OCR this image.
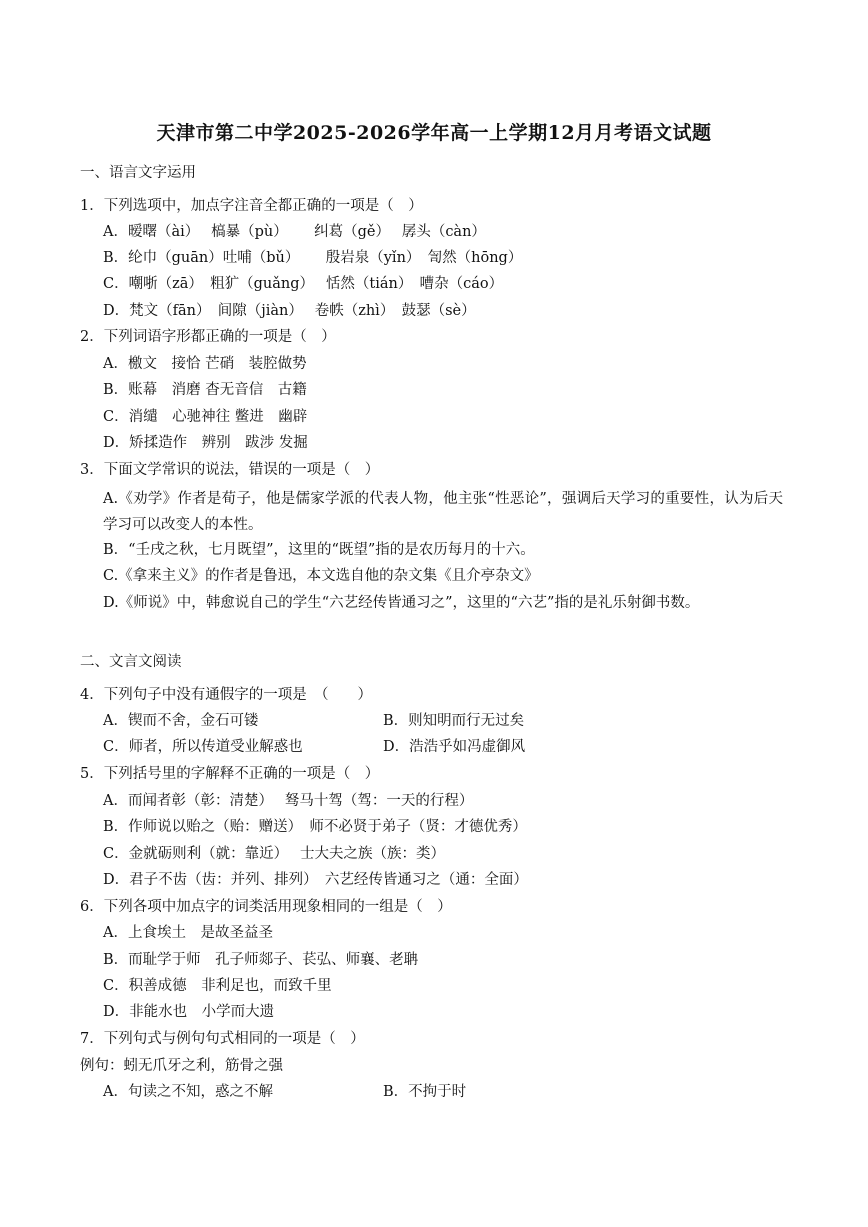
天津市第二中学2025-2026学年高一上学期12月月考语文试题
一、语言文字运用
1．下列选项中，加点字注音全都正确的一项是（　）
A．暧曙（ài）　 槁暴（pù）　 　纠葛（gě）　 孱头（càn）
B．纶巾（guān）吐哺（bǔ）　 　殷岩泉（yǐn）　訇然（hōng）
C．嘲哳（zā）　粗犷（guǎng）　 恬然（tián）　嘈杂（cáo）
D．梵文（fān）　间隙（jiàn）　 卷帙（zhì）　鼓瑟（sè）
2．下列词语字形都正确的一项是（　）
A．檄文　接恰 芒硝　装腔做势
B．账幕　消磨 杳无音信　古籍
C．消缱　心驰神往 鳖进　幽辟
D．矫揉造作　辨别　跋涉 发掘
3．下面文学常识的说法，错误的一项是（　）
A.《劝学》作者是荀子，他是儒家学派的代表人物，他主张“性恶论”，强调后天学习的重要性，认为后天学习可以改变人的本性。
B．“壬戌之秋，七月既望”，这里的“既望”指的是农历每月的十六。
C.《拿来主义》的作者是鲁迅，本文选自他的杂文集《且介亭杂文》
D.《师说》中，韩愈说自己的学生“六艺经传皆通习之”，这里的“六艺”指的是礼乐射御书数。
二、文言文阅读
4．下列句子中没有通假字的一项是　（　　）
A．锲而不舍，金石可镂	B．则知明而行无过矣
C．师者，所以传道受业解惑也	D．浩浩乎如冯虚御风
5．下列括号里的字解释不正确的一项是（　）
A．而闻者彰（彰：清楚）　 驽马十驾（驾：一天的行程）
B．作师说以贻之（贻：赠送）　师不必贤于弟子（贤：才德优秀）
C．金就砺则利（就：靠近）　 士大夫之族（族：类）
D．君子不齿（齿：并列、排列）　六艺经传皆通习之（通：全面）
6．下列各项中加点字的词类活用现象相同的一组是（　）
A．上食埃土　是故圣益圣
B．而耻学于师　孔子师郯子、苌弘、师襄、老聃
C．积善成德　非利足也，而致千里
D．非能水也　小学而大遗
7．下列句式与例句句式相同的一项是（　）
例句：蚓无爪牙之利，筋骨之强
A．句读之不知，惑之不解	B．不拘于时
